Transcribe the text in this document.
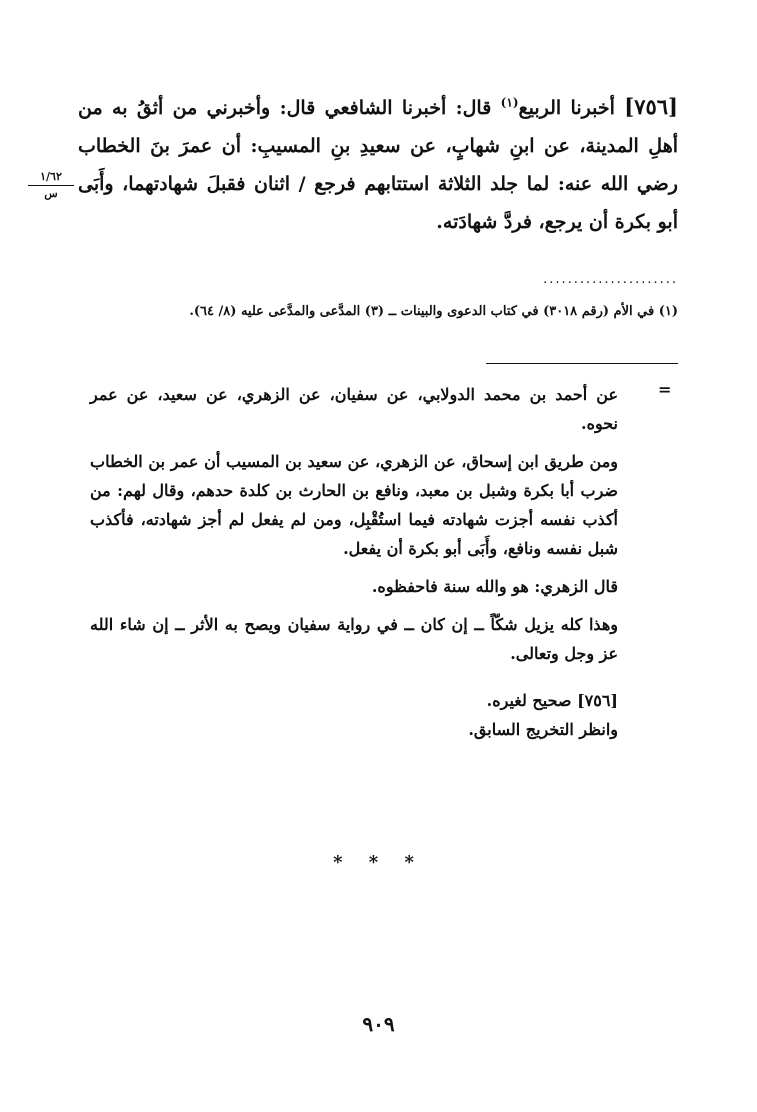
[٧٥٦] أخبرنا الربيع$^{(١)}$ قال: أخبرنا الشافعي قال: وأخبرني من أثقُ به من أهلِ المدينة، عن ابنِ شهابٍ، عن سعيدِ بنِ المسيبِ: أن عمرَ بنَ الخطاب رضي الله عنه: لما جلد الثلاثة استتابهم فرجع / اثنان فقبلَ شهادتهما، وأَبَى أبو بكرة أن يرجع، فردَّ شهادَته.

١/٦٢
س
......................
(١) في الأم (رقم ٣٠١٨) في كتاب الدعوى والبينات ــ (٣) المدَّعى والمدَّعى عليه (٨/ ٦٤).
=

عن أحمد بن محمد الدولابي، عن سفيان، عن الزهري، عن سعيد، عن عمر نحوه.

ومن طريق ابن إسحاق، عن الزهري، عن سعيد بن المسيب أن عمر بن الخطاب ضرب أبا بكرة وشبل بن معبد، ونافع بن الحارث بن كلدة حدهم، وقال لهم: من أكذب نفسه أجزت شهادته فيما استُقْبِل، ومن لم يفعل لم أجز شهادته، فأكذب شبل نفسه ونافع، وأَبَى أبو بكرة أن يفعل.

قال الزهري: هو والله سنة فاحفظوه.

وهذا كله يزيل شكّاً ــ إن كان ــ في رواية سفيان ويصح به الأثر ــ إن شاء الله عز وجل وتعالى.

[٧٥٦] صحيح لغيره.

وانظر التخريج السابق.

* * *
٩٠٩
